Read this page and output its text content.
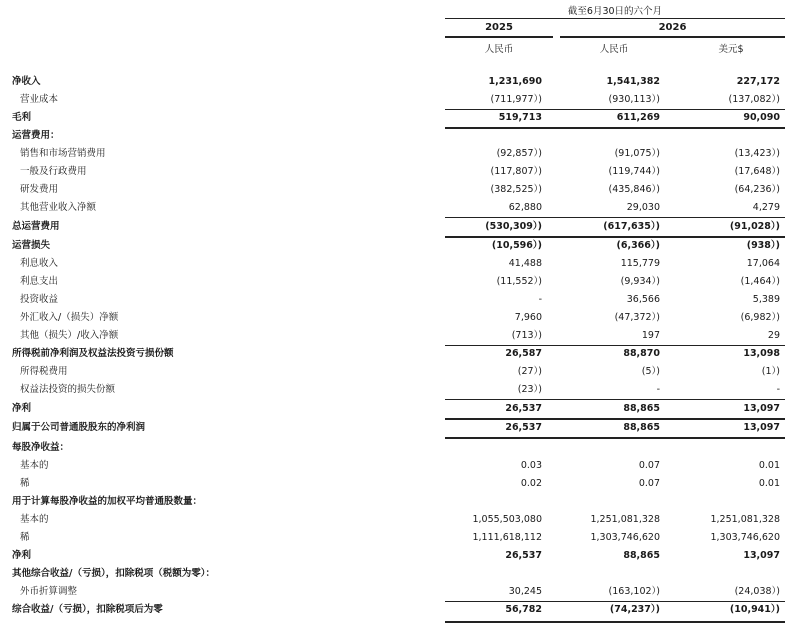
截至6月30日的六个月
2025	2026
人民币	人民币	美元$
净收入	1,231,690	1,541,382	227,172
营业成本	(711,977）)	(930,113）)	(137,082）)
毛利	519,713	611,269	90,090
运营费用：
销售和市场营销费用	(92,857）)	(91,075）)	(13,423）)
一般及行政费用	(117,807）)	(119,744）)	(17,648）)
研发费用	(382,525）)	(435,846）)	(64,236）)
其他营业收入净额	62,880	29,030	4,279
总运营费用	(530,309）)	(617,635）)	(91,028）)
运营损失	(10,596）)	(6,366）)	(938）)
利息收入	41,488	115,779	17,064
利息支出	(11,552）)	(9,934）)	(1,464）)
投资收益	-	36,566	5,389
外汇收入/（损失）净额	7,960	(47,372）)	(6,982）)
其他（损失）/收入净额	(713）)	197	29
所得税前净利润及权益法投资亏损份额	26,587	88,870	13,098
所得税费用	(27）)	(5）)	(1）)
权益法投资的损失份额	(23）)	-	-
净利	26,537	88,865	13,097
归属于公司普通股股东的净利润	26,537	88,865	13,097
每股净收益：
基本的	0.03	0.07	0.01
稀	0.02	0.07	0.01
用于计算每股净收益的加权平均普通股数量：
基本的	1,055,503,080	1,251,081,328	1,251,081,328
稀	1,111,618,112	1,303,746,620	1,303,746,620
净利	26,537	88,865	13,097
其他综合收益/（亏损），扣除税项（税额为零）：
外币折算调整	30,245	(163,102）)	(24,038）)
综合收益/（亏损），扣除税项后为零	56,782	(74,237）)	(10,941）)
